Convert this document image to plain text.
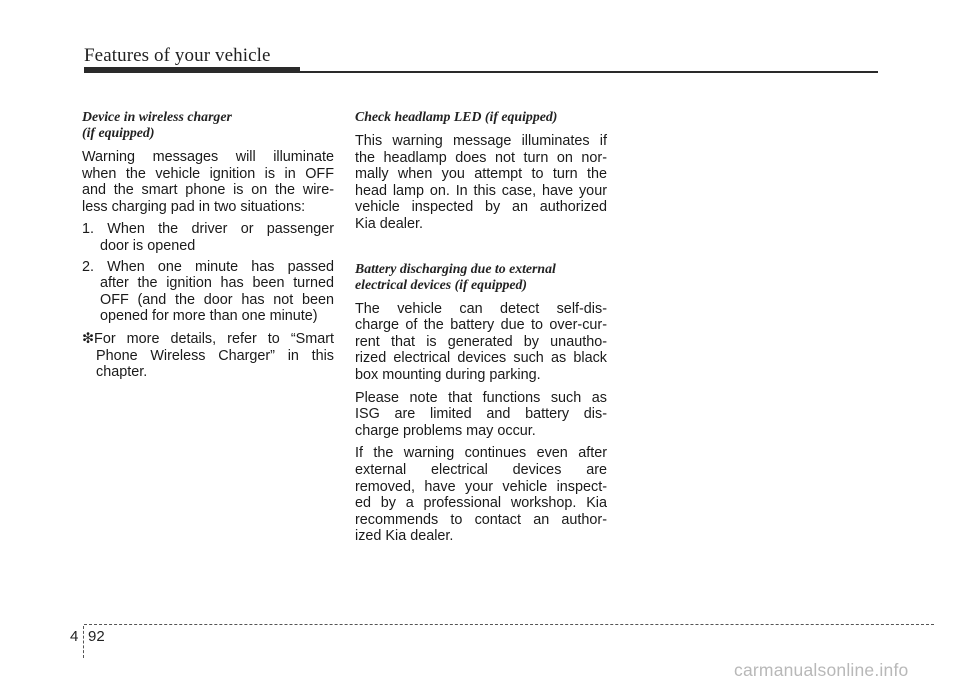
Features of your vehicle
Device in wireless charger
(if equipped)
Warning messages will illuminate
when the vehicle ignition is in OFF
and the smart phone is on the wire-
less charging pad in two situations:
1. When the driver or passenger
door is opened
2. When one minute has passed
after the ignition has been turned
OFF (and the door has not been
opened for more than one minute)
❇For more details, refer to “Smart
Phone Wireless Charger” in this
chapter.
Check headlamp LED (if equipped)
This warning message illuminates if
the headlamp does not turn on nor-
mally when you attempt to turn the
head lamp on. In this case, have your
vehicle inspected by an authorized
Kia dealer.
Battery discharging due to external
electrical devices (if equipped)
The vehicle can detect self-dis-
charge of the battery due to over-cur-
rent that is generated by unautho-
rized electrical devices such as black
box mounting during parking.
Please note that functions such as
ISG are limited and battery dis-
charge problems may occur.
If the warning continues even after
external electrical devices are
removed, have your vehicle inspect-
ed by a professional workshop. Kia
recommends to contact an author-
ized Kia dealer.
4 92
carmanualsonline.info
